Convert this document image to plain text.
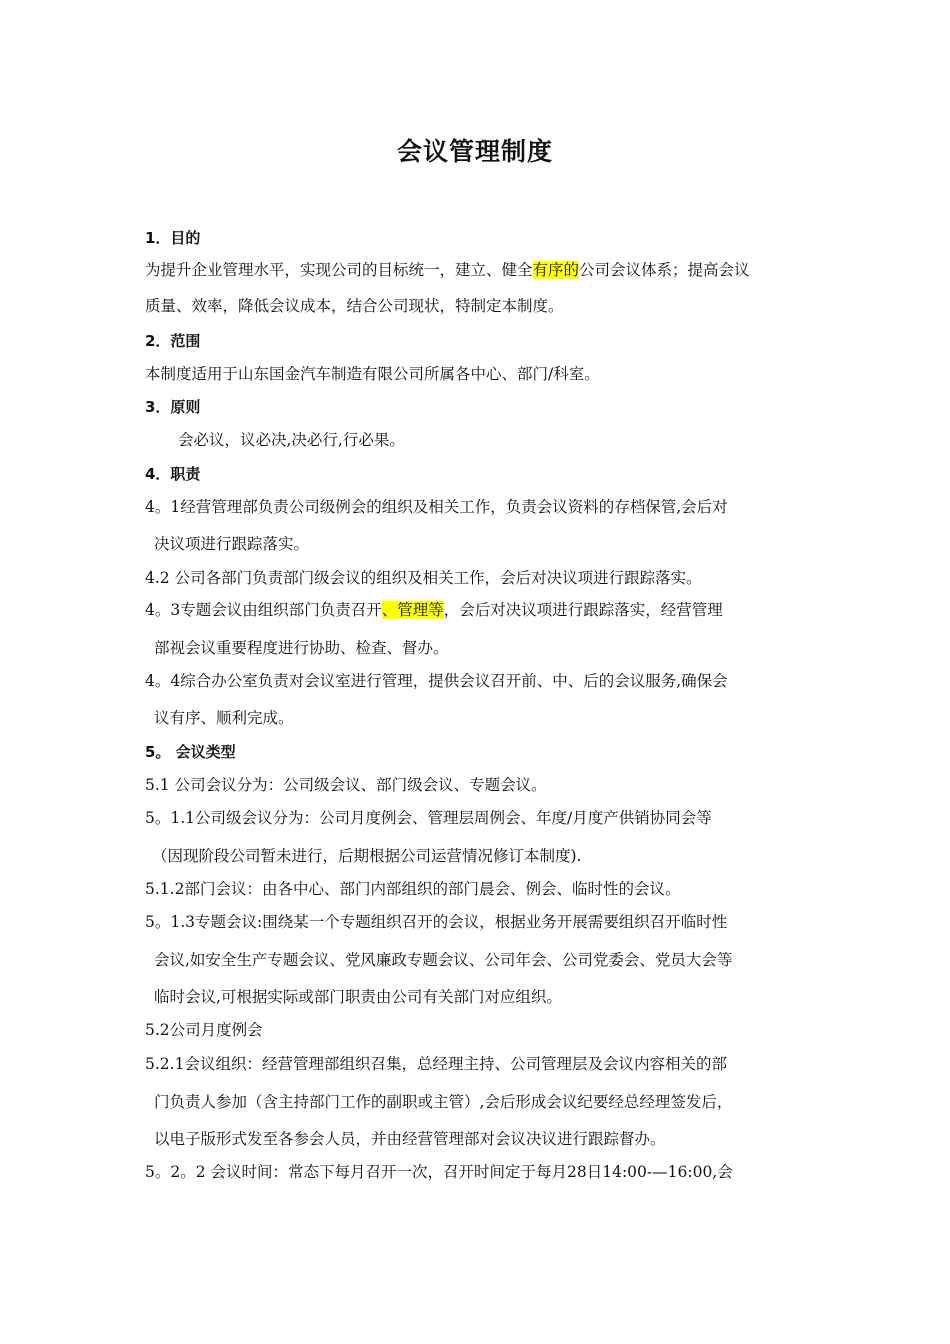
会议管理制度
1．目的
为提升企业管理水平，实现公司的目标统一，建立、健全有序的公司会议体系；提高会议
质量、效率，降低会议成本，结合公司现状，特制定本制度。
2．范围
本制度适用于山东国金汽车制造有限公司所属各中心、部门/科室。
3．原则
会必议，议必决,决必行,行必果。
4．职责
4。1经营管理部负责公司级例会的组织及相关工作，负责会议资料的存档保管,会后对
决议项进行跟踪落实。
4.2 公司各部门负责部门级会议的组织及相关工作，会后对决议项进行跟踪落实。
4。3专题会议由组织部门负责召开、管理等，会后对决议项进行跟踪落实，经营管理
部视会议重要程度进行协助、检查、督办。
4。4综合办公室负责对会议室进行管理，提供会议召开前、中、后的会议服务,确保会
议有序、顺利完成。
5。 会议类型
5.1 公司会议分为：公司级会议、部门级会议、专题会议。
5。1.1公司级会议分为：公司月度例会、管理层周例会、年度/月度产供销协同会等
（因现阶段公司暂未进行，后期根据公司运营情况修订本制度).
5.1.2部门会议：由各中心、部门内部组织的部门晨会、例会、临时性的会议。
5。1.3专题会议:围绕某一个专题组织召开的会议，根据业务开展需要组织召开临时性
会议,如安全生产专题会议、党风廉政专题会议、公司年会、公司党委会、党员大会等
临时会议,可根据实际或部门职责由公司有关部门对应组织。
5.2公司月度例会
5.2.1会议组织：经营管理部组织召集，总经理主持、公司管理层及会议内容相关的部
门负责人参加（含主持部门工作的副职或主管）,会后形成会议纪要经总经理签发后，
以电子版形式发至各参会人员，并由经营管理部对会议决议进行跟踪督办。
5。2。2 会议时间：常态下每月召开一次，召开时间定于每月28日14:00-—16:00,会
